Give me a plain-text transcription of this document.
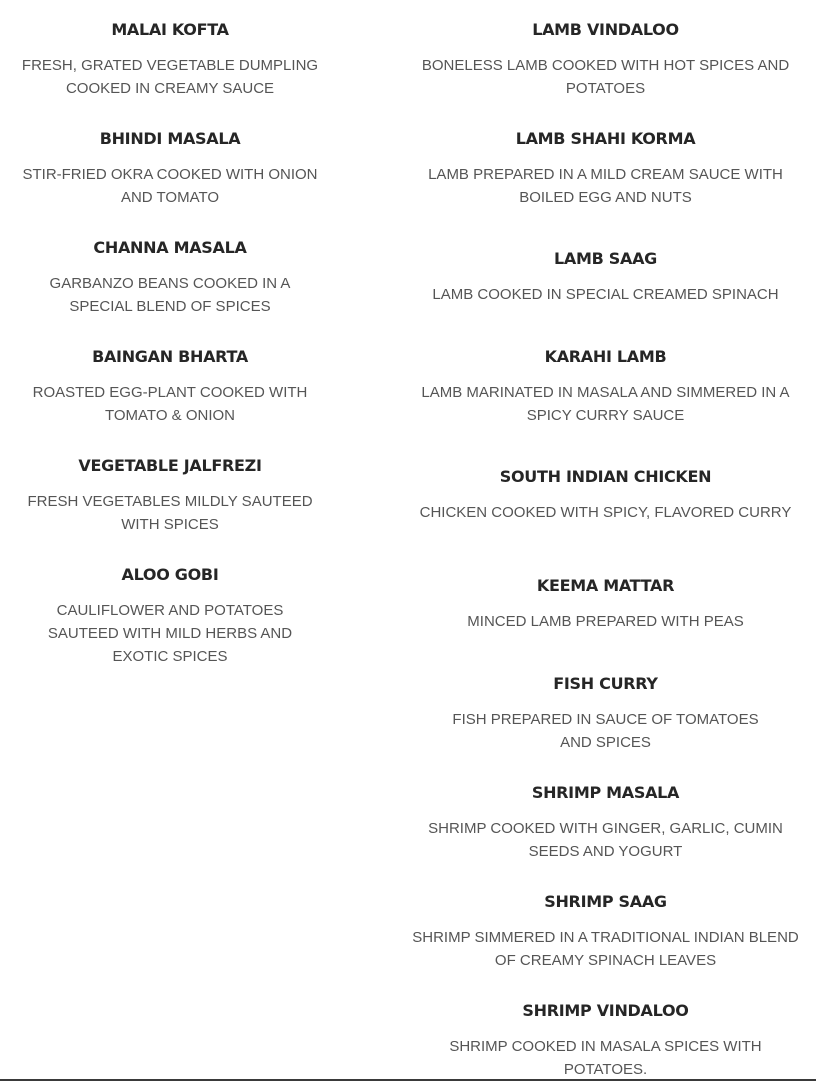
MALAI KOFTA

FRESH, GRATED VEGETABLE DUMPLING COOKED IN CREAMY SAUCE

BHINDI MASALA

STIR-FRIED OKRA COOKED WITH ONION AND TOMATO

CHANNA MASALA

GARBANZO BEANS COOKED IN A SPECIAL BLEND OF SPICES

BAINGAN BHARTA

ROASTED EGG-PLANT COOKED WITH TOMATO & ONION

VEGETABLE JALFREZI

FRESH VEGETABLES MILDLY SAUTEED WITH SPICES

ALOO GOBI

CAULIFLOWER AND POTATOES SAUTEED WITH MILD HERBS AND EXOTIC SPICES

LAMB VINDALOO

BONELESS LAMB COOKED WITH HOT SPICES AND POTATOES

LAMB SHAHI KORMA

LAMB PREPARED IN A MILD CREAM SAUCE WITH BOILED EGG AND NUTS

LAMB SAAG

LAMB COOKED IN SPECIAL CREAMED SPINACH

KARAHI LAMB

LAMB MARINATED IN MASALA AND SIMMERED IN A SPICY CURRY SAUCE

SOUTH INDIAN CHICKEN

CHICKEN COOKED WITH SPICY, FLAVORED CURRY

KEEMA MATTAR

MINCED LAMB PREPARED WITH PEAS

FISH CURRY

FISH PREPARED IN SAUCE OF TOMATOES AND SPICES

SHRIMP MASALA

SHRIMP COOKED WITH GINGER, GARLIC, CUMIN SEEDS AND YOGURT

SHRIMP SAAG

SHRIMP SIMMERED IN A TRADITIONAL INDIAN BLEND OF CREAMY SPINACH LEAVES

SHRIMP VINDALOO

SHRIMP COOKED IN MASALA SPICES WITH POTATOES.
